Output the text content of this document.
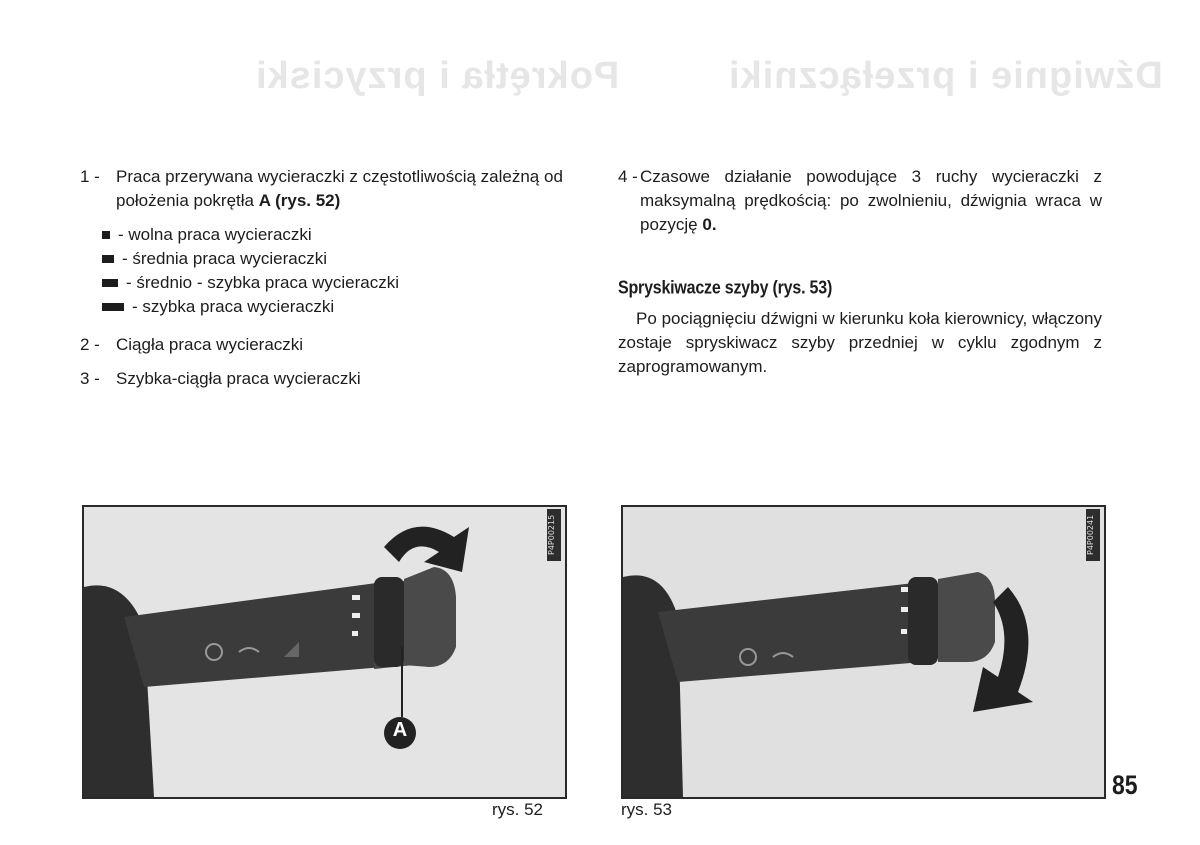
Pokrętła i przyciski	Dźwignie i przełączniki
1 - Praca przerywana wycieraczki z częstotliwością zależną od położenia pokrętła A (rys. 52)
- wolna praca wycieraczki
- średnia praca wycieraczki
- średnio - szybka praca wycieraczki
- szybka praca wycieraczki
2 - Ciągła praca wycieraczki
3 - Szybka-ciągła praca wycieraczki
4 - Czasowe działanie powodujące 3 ruchy wycieraczki z maksymalną prędkością: po zwolnieniu, dźwignia wraca w pozycję 0.
Spryskiwacze szyby (rys. 53)
Po pociągnięciu dźwigni w kierunku koła kierownicy, włączony zostaje spryskiwacz szyby przedniej w cyklu zgodnym z zaprogramowanym.
A
P4P00215
rys. 52
P4P00241
rys. 53
85
